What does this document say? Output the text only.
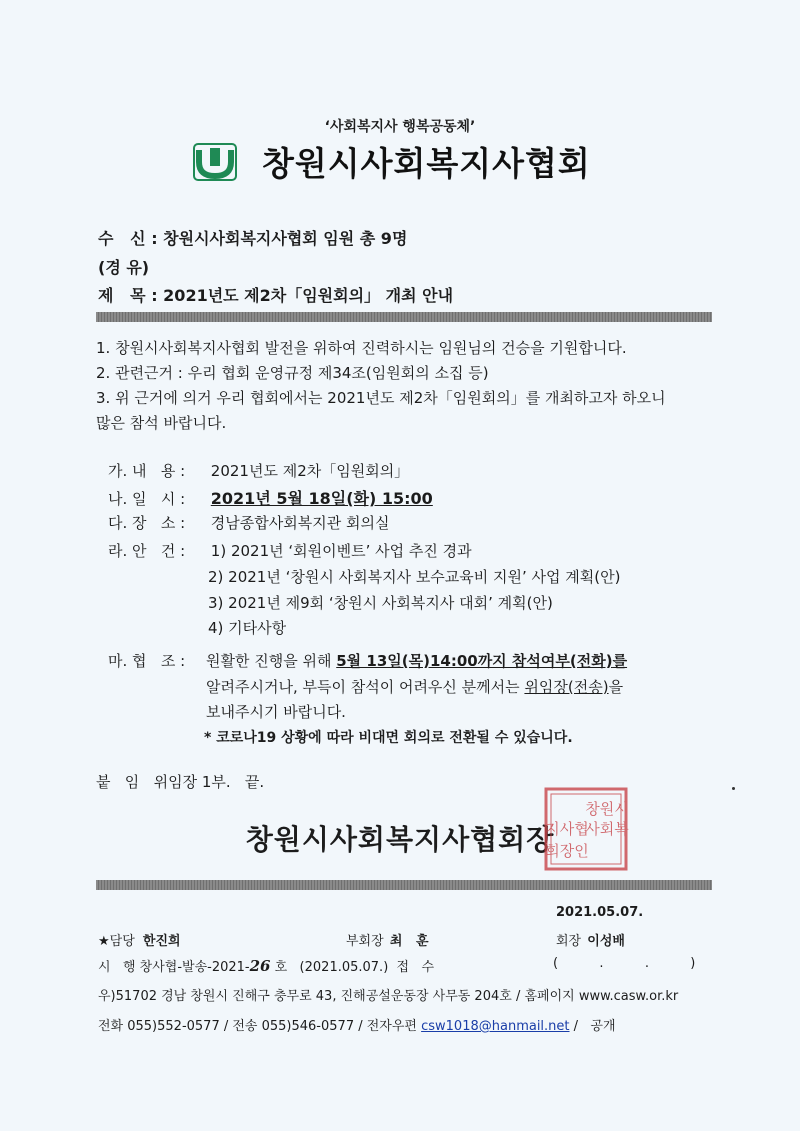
‘사회복지사 행복공동체’
창원시사회복지사협회
수   신 : 창원시사회복지사협회 임원 총 9명
(경 유)
제   목 : 2021년도 제2차「임원회의」 개최 안내
1. 창원시사회복지사협회 발전을 위하여 진력하시는 임원님의 건승을 기원합니다.
2. 관련근거 : 우리 협회 운영규정 제34조(임원회의 소집 등)
3. 위 근거에 의거 우리 협회에서는 2021년도 제2차「임원회의」를 개최하고자 하오니
많은 참석 바랍니다.
가. 내   용 : 2021년도 제2차「임원회의」
나. 일   시 : 2021년 5월 18일(화) 15:00
다. 장   소 : 경남종합사회복지관 회의실
라. 안   건 : 1) 2021년 ‘회원이벤트’ 사업 추진 경과
2) 2021년 ‘창원시 사회복지사 보수교육비 지원’ 사업 계획(안)
3) 2021년 제9회 ‘창원시 사회복지사 대회’ 계획(안)
4) 기타사항
마. 협   조 : 원활한 진행을 위해 5월 13일(목)14:00까지 참석여부(전화)를
알려주시거나, 부득이 참석이 어려우신 분께서는 위임장(전송)을
보내주시기 바랍니다.
* 코로나19 상황에 따라 비대면 회의로 전환될 수 있습니다.
붙   임   위임장 1부.   끝.
창원시사회복지사협회장
창원시
사회복
지사협
회장인
2021.05.07.
★담당 한진희	부회장 최   훈	회장 이성배
시   행 창사협-발송-2021-26 호   (2021.05.07.)  접   수	(          .          .          )
우)51702 경남 창원시 진해구 충무로 43, 진해공설운동장 사무동 204호 / 홈페이지 www.casw.or.kr
전화 055)552-0577 / 전송 055)546-0577 / 전자우편 csw1018@hanmail.net /   공개
